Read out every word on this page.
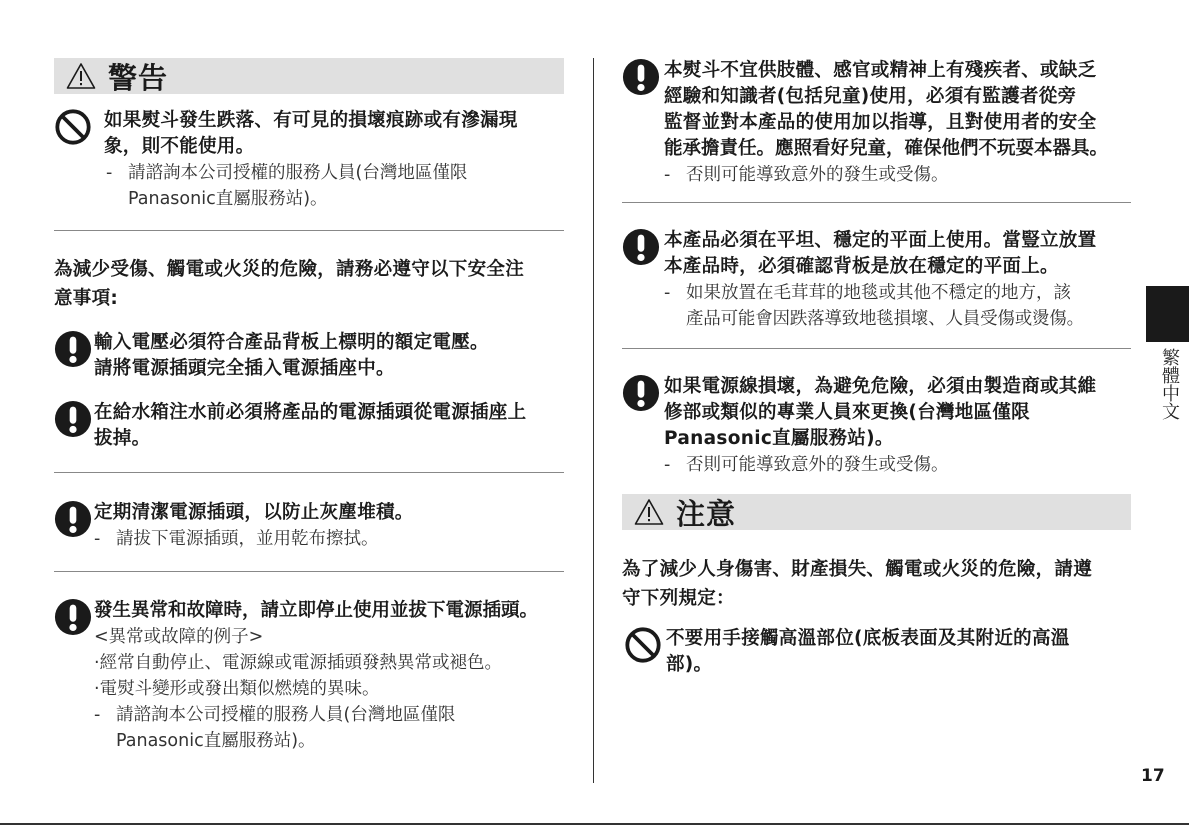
警告
如果熨斗發生跌落、有可見的損壞痕跡或有滲漏現
象，則不能使用。
- 請諮詢本公司授權的服務人員(台灣地區僅限
Panasonic直屬服務站)。
為減少受傷、觸電或火災的危險，請務必遵守以下安全注
意事項:
輸入電壓必須符合產品背板上標明的額定電壓。
請將電源插頭完全插入電源插座中。
在給水箱注水前必須將產品的電源插頭從電源插座上
拔掉。
定期清潔電源插頭，以防止灰塵堆積。
- 請拔下電源插頭，並用乾布擦拭。
發生異常和故障時，請立即停止使用並拔下電源插頭。
<異常或故障的例子>
·經常自動停止、電源線或電源插頭發熱異常或褪色。
·電熨斗變形或發出類似燃燒的異味。
- 請諮詢本公司授權的服務人員(台灣地區僅限
Panasonic直屬服務站)。
本熨斗不宜供肢體、感官或精神上有殘疾者、或缺乏
經驗和知識者(包括兒童)使用，必須有監護者從旁
監督並對本產品的使用加以指導，且對使用者的安全
能承擔責任。應照看好兒童，確保他們不玩耍本器具。
- 否則可能導致意外的發生或受傷。
本產品必須在平坦、穩定的平面上使用。當豎立放置
本產品時，必須確認背板是放在穩定的平面上。
- 如果放置在毛茸茸的地毯或其他不穩定的地方，該
產品可能會因跌落導致地毯損壞、人員受傷或燙傷。
如果電源線損壞，為避免危險，必須由製造商或其維
修部或類似的專業人員來更換(台灣地區僅限
Panasonic直屬服務站)。
- 否則可能導致意外的發生或受傷。
注意
為了減少人身傷害、財產損失、觸電或火災的危險，請遵
守下列規定：
不要用手接觸高溫部位(底板表面及其附近的高溫
部)。
繁體中文
17
